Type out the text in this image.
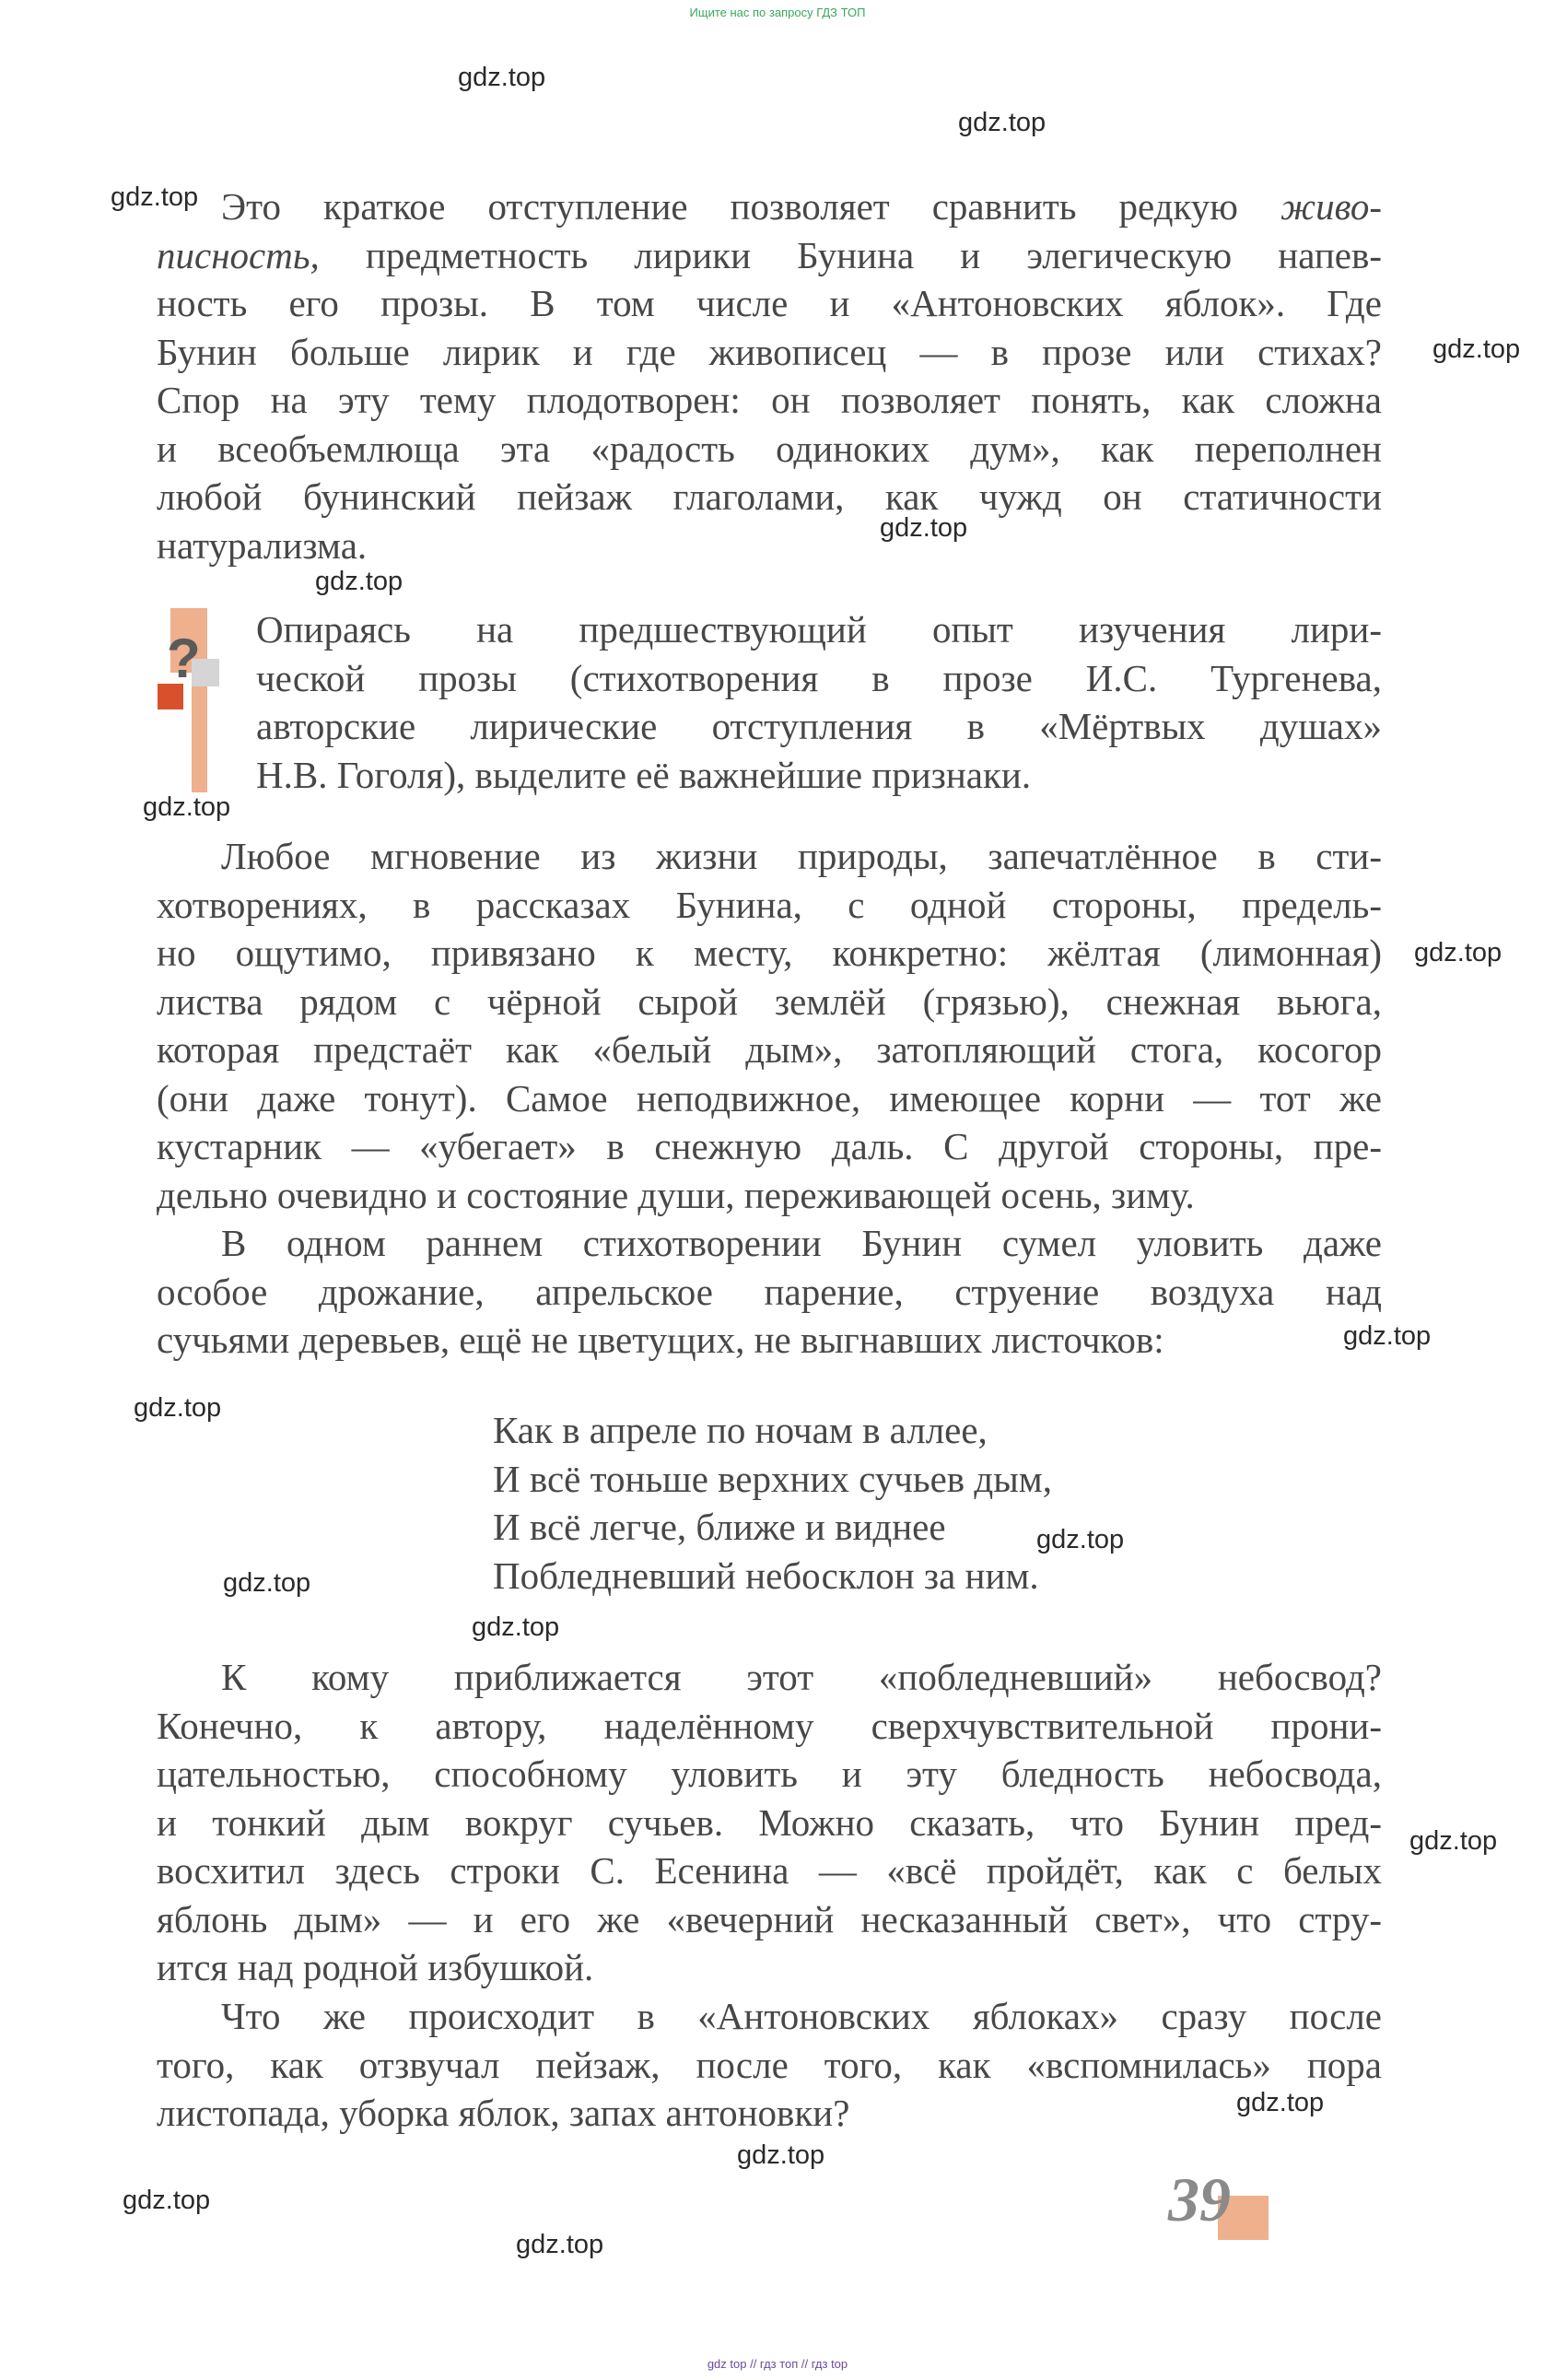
Ищите нас по запросу ГДЗ ТОП
Это краткое отступление позволяет сравнить редкую живо-
писность, предметность лирики Бунина и элегическую напев-
ность его прозы. В том числе и «Антоновских яблок». Где
Бунин больше лирик и где живописец — в прозе или стихах?
Спор на эту тему плодотворен: он позволяет понять, как сложна
и всеобъемлюща эта «радость одиноких дум», как переполнен
любой бунинский пейзаж глаголами, как чужд он статичности
натурализма.
? Опираясь на предшествующий опыт изучения лири-
ческой прозы (стихотворения в прозе И.С. Тургенева,
авторские лирические отступления в «Мёртвых душах»
Н.В. Гоголя), выделите её важнейшие признаки.
Любое мгновение из жизни природы, запечатлённое в сти-
хотворениях, в рассказах Бунина, с одной стороны, предель-
но ощутимо, привязано к месту, конкретно: жёлтая (лимонная)
листва рядом с чёрной сырой землёй (грязью), снежная вьюга,
которая предстаёт как «белый дым», затопляющий стога, косогор
(они даже тонут). Самое неподвижное, имеющее корни — тот же
кустарник — «убегает» в снежную даль. С другой стороны, пре-
дельно очевидно и состояние души, переживающей осень, зиму.
В одном раннем стихотворении Бунин сумел уловить даже
особое дрожание, апрельское парение, струение воздуха над
сучьями деревьев, ещё не цветущих, не выгнавших листочков:
Как в апреле по ночам в аллее,
И всё тоньше верхних сучьев дым,
И всё легче, ближе и виднее
Побледневший небосклон за ним.
К кому приближается этот «побледневший» небосвод?
Конечно, к автору, наделённому сверхчувствительной прони-
цательностью, способному уловить и эту бледность небосвода,
и тонкий дым вокруг сучьев. Можно сказать, что Бунин пред-
восхитил здесь строки С. Есенина — «всё пройдёт, как с белых
яблонь дым» — и его же «вечерний несказанный свет», что стру-
ится над родной избушкой.
Что же происходит в «Антоновских яблоках» сразу после
того, как отзвучал пейзаж, после того, как «вспомнилась» пора
листопада, уборка яблок, запах антоновки?
39
gdz.top
gdz.top
gdz.top
gdz.top
gdz.top
gdz.top
gdz.top
gdz.top
gdz.top
gdz.top
gdz.top
gdz.top
gdz.top
gdz.top
gdz.top
gdz.top
gdz.top
gdz.top
gdz top // гдз топ // гдз top
